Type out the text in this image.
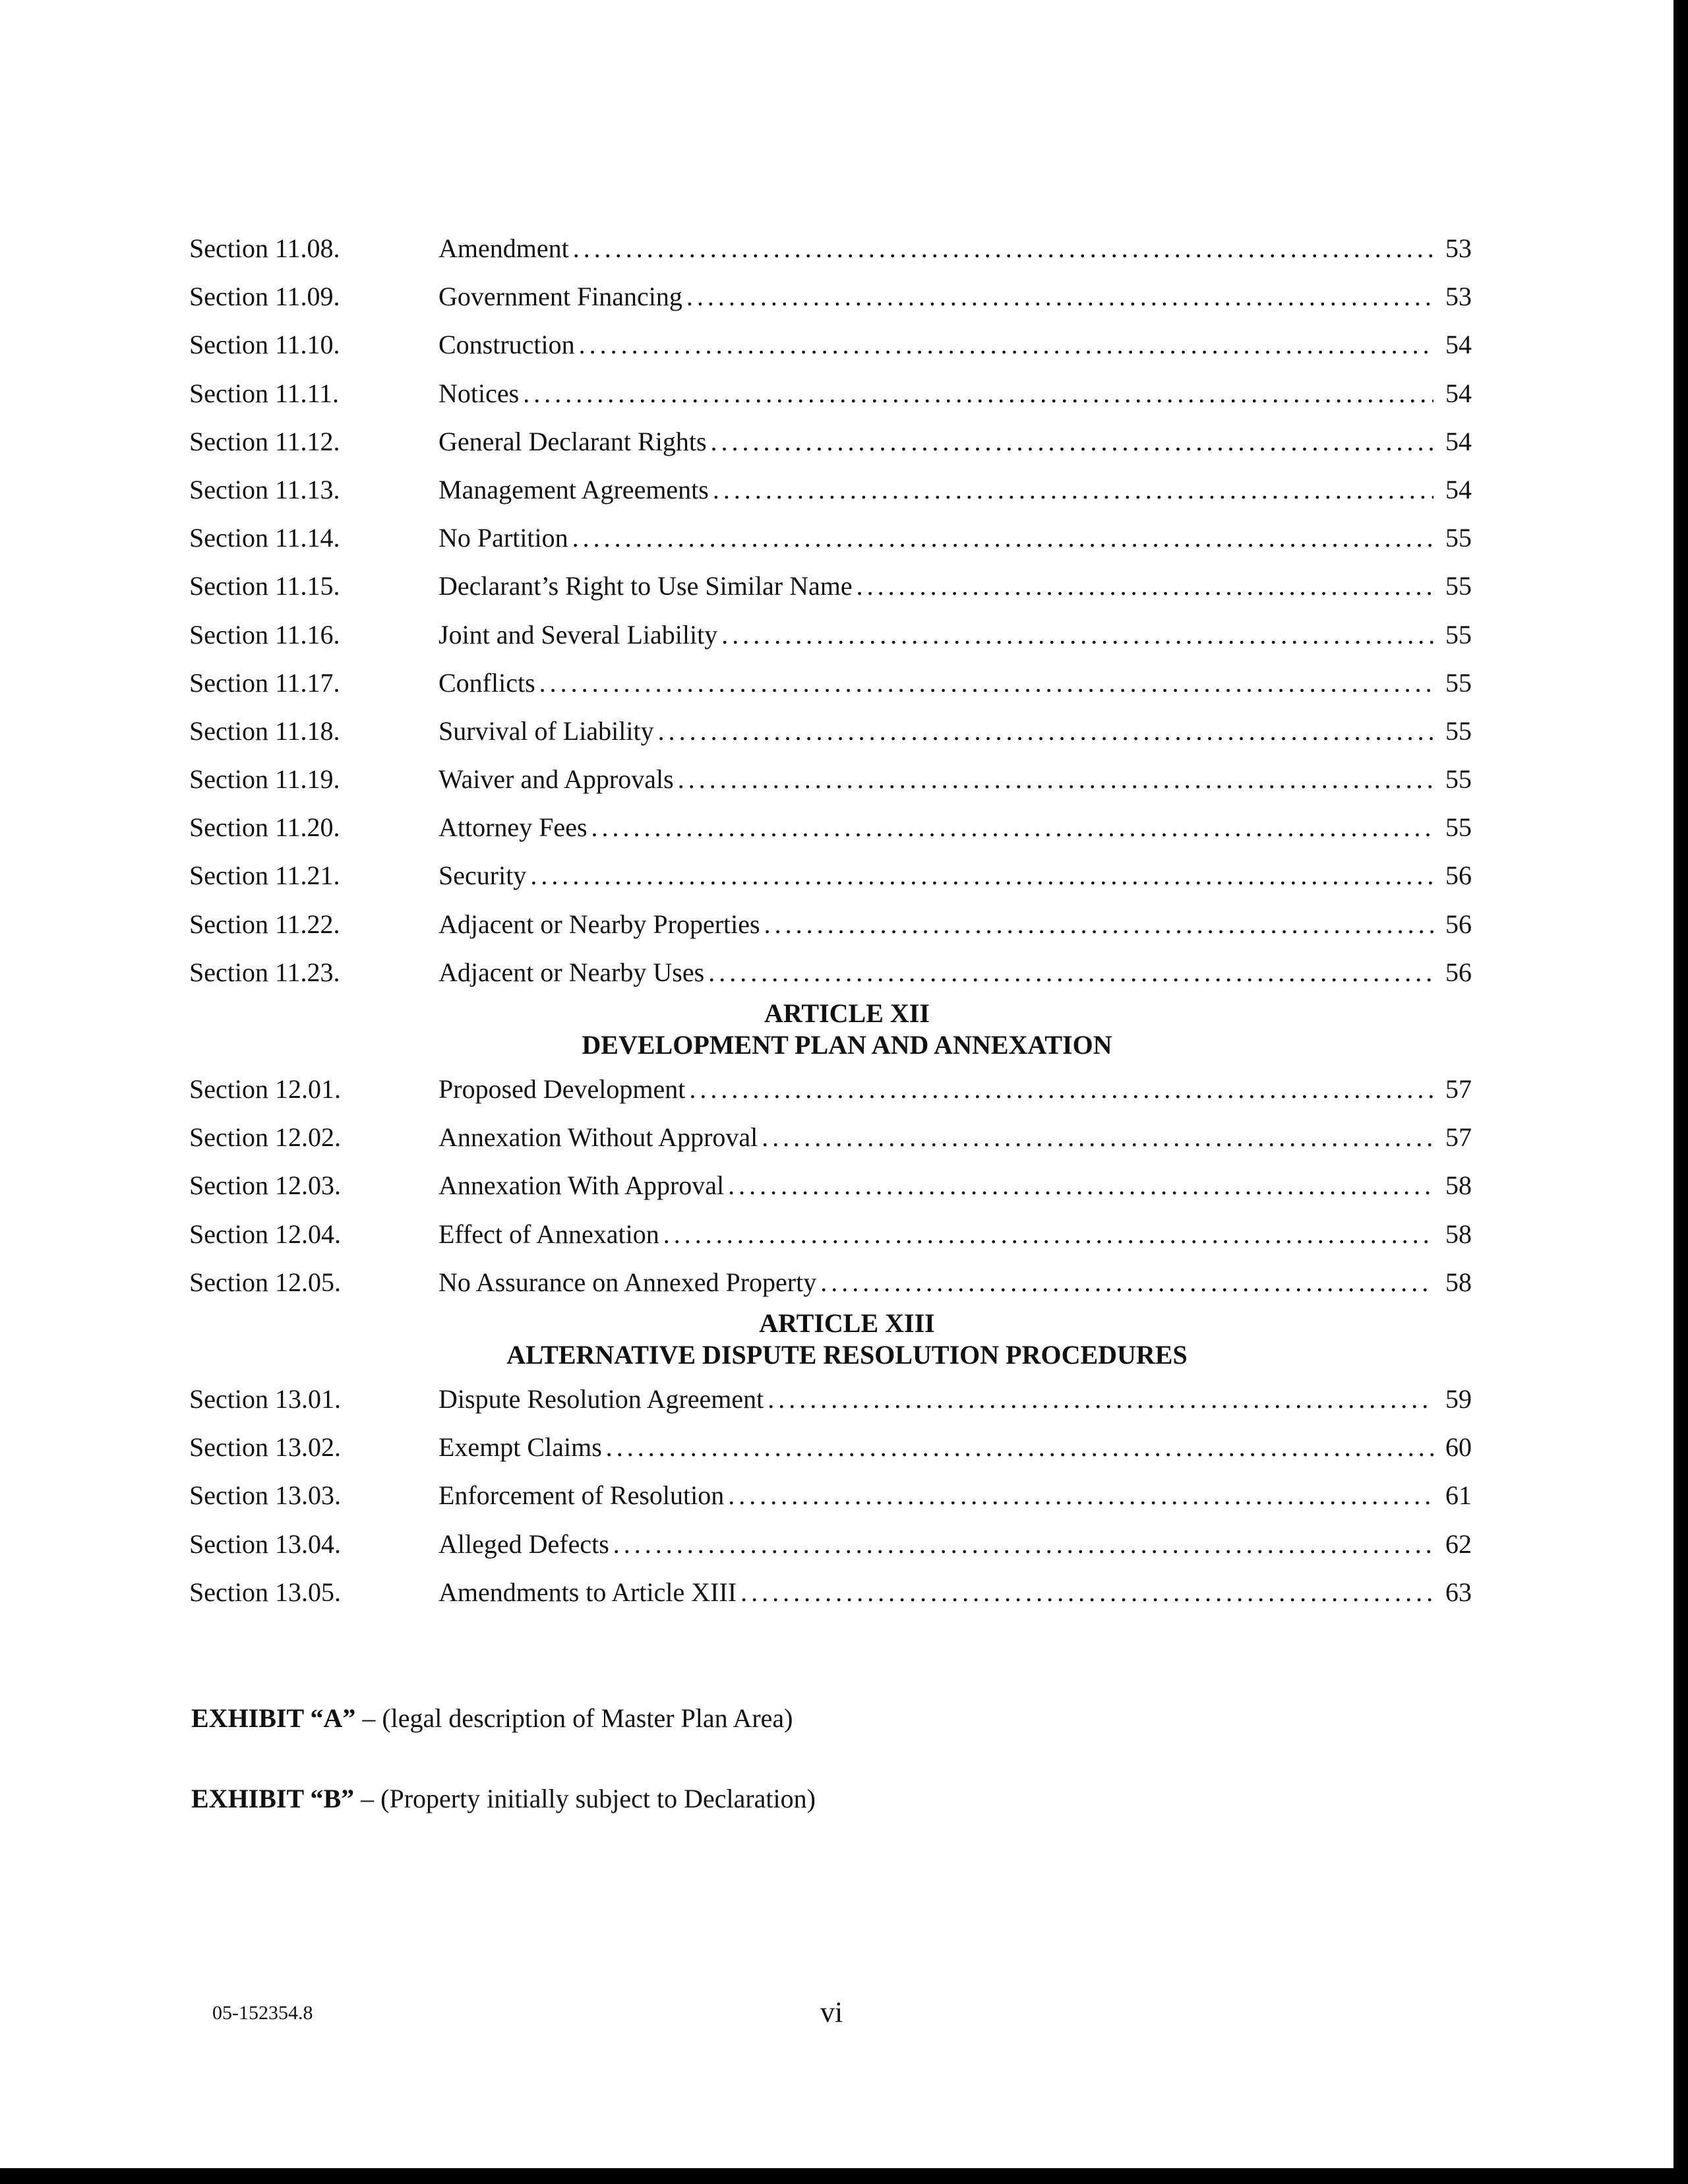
Section 11.08.	Amendment . . .	53
Section 11.09.	Government Financing . . .	53
Section 11.10.	Construction . . .	54
Section 11.11.	Notices . . .	54
Section 11.12.	General Declarant Rights . . .	54
Section 11.13.	Management Agreements . . .	54
Section 11.14.	No Partition . . .	55
Section 11.15.	Declarant’s Right to Use Similar Name . . .	55
Section 11.16.	Joint and Several Liability . . .	55
Section 11.17.	Conflicts . . .	55
Section 11.18.	Survival of Liability . . .	55
Section 11.19.	Waiver and Approvals . . .	55
Section 11.20.	Attorney Fees . . .	55
Section 11.21.	Security . . .	56
Section 11.22.	Adjacent or Nearby Properties . . .	56
Section 11.23.	Adjacent or Nearby Uses . . .	56
ARTICLE XII
DEVELOPMENT PLAN AND ANNEXATION
Section 12.01.	Proposed Development . . .	57
Section 12.02.	Annexation Without Approval . . .	57
Section 12.03.	Annexation With Approval . . .	58
Section 12.04.	Effect of Annexation . . .	58
Section 12.05.	No Assurance on Annexed Property . . .	58
ARTICLE XIII
ALTERNATIVE DISPUTE RESOLUTION PROCEDURES
Section 13.01.	Dispute Resolution Agreement . . .	59
Section 13.02.	Exempt Claims . . .	60
Section 13.03.	Enforcement of Resolution . . .	61
Section 13.04.	Alleged Defects . . .	62
Section 13.05.	Amendments to Article XIII . . .	63
EXHIBIT “A” – (legal description of Master Plan Area)
EXHIBIT “B” – (Property initially subject to Declaration)
05-152354.8	vi
